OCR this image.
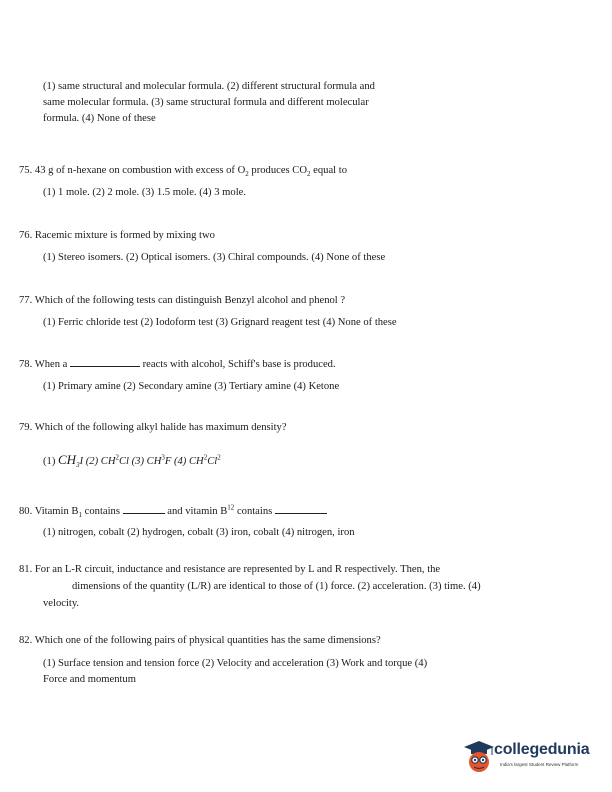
(1) same structural and molecular formula. (2) different structural formula and
same molecular formula. (3) same structural formula and different molecular
formula. (4) None of these
75. 43 g of n-hexane on combustion with excess of $O_2$ produces $CO_2$ equal to
(1) 1 mole. (2) 2 mole. (3) 1.5 mole. (4) 3 mole.
76. Racemic mixture is formed by mixing two
(1) Stereo isomers. (2) Optical isomers. (3) Chiral compounds. (4) None of these
77. Which of the following tests can distinguish Benzyl alcohol and phenol ?
(1) Ferric chloride test (2) Iodoform test (3) Grignard reagent test (4) None of these
78. When a	reacts with alcohol, Schiff's base is produced.
(1) Primary amine (2) Secondary amine (3) Tertiary amine (4) Ketone
79. Which of the following alkyl halide has maximum density?
(1) $CH_3I$ (2) $CH^2Cl$ (3) $CH^3F$ (4) $CH^2Cl^2$
80. Vitamin $B_1$ contains	and vitamin $B^{12}$ contains
(1) nitrogen, cobalt (2) hydrogen, cobalt (3) iron, cobalt (4) nitrogen, iron
81. For an L-R circuit, inductance and resistance are represented by L and R respectively. Then, the
dimensions of the quantity (L/R) are identical to those of (1) force. (2) acceleration. (3) time. (4)
velocity.
82. Which one of the following pairs of physical quantities has the same dimensions?
(1) Surface tension and tension force (2) Velocity and acceleration (3) Work and torque (4)
Force and momentum
collegedunia
India's largest Student Review Platform
